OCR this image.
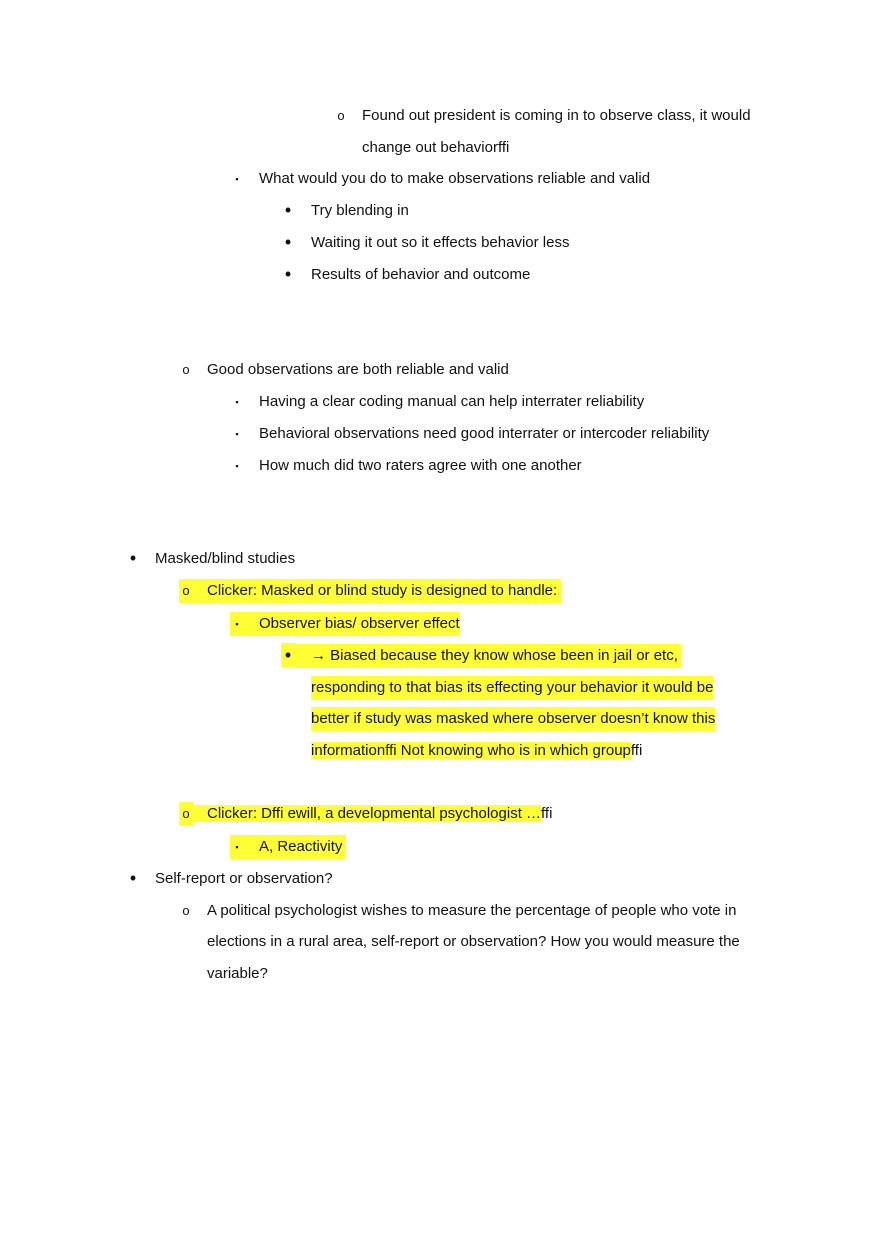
o Found out president is coming in to observe class, it would
change out behaviorffi
▪	What would you do to make observations reliable and valid
• Try blending in
• Waiting it out so it effects behavior less
• Results of behavior and outcome
o Good observations are both reliable and valid
▪	Having a clear coding manual can help interrater reliability
▪	Behavioral observations need good interrater or intercoder reliability
▪	How much did two raters agree with one another
• Masked/blind studies
o	Clicker: Masked or blind study is designed to handle:
▪	Observer bias/ observer effect
•	→ Biased because they know whose been in jail or etc,
responding to that bias its effecting your behavior it would be
better if study was masked where observer doesn’t know this
informationffi Not knowing who is in which groupffi
o	Clicker: Dffi ewill, a developmental psychologist …ffi
▪	A, Reactivity
• Self-report or observation?
o A political psychologist wishes to measure the percentage of people who vote in
elections in a rural area, self-report or observation? How you would measure the
variable?
